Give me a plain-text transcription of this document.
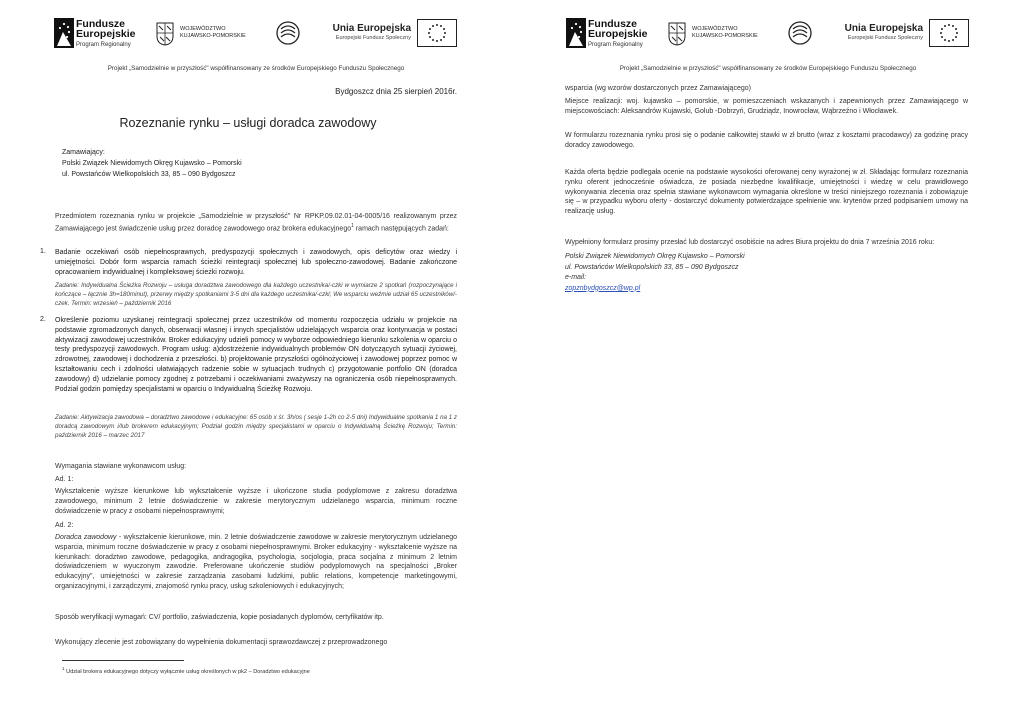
Fundusze
Europejskie
Program Regionalny
WOJEWÓDZTWO
KUJAWSKO-POMORSKIE
Unia Europejska
Europejski Fundusz Społeczny
Projekt „Samodzielnie w przyszłość" współfinansowany ze środków Europejskiego Funduszu Społecznego
Bydgoszcz dnia 25 sierpień 2016r.
Rozeznanie rynku – usługi doradca zawodowy
Zamawiający:
Polski Związek Niewidomych Okręg Kujawsko – Pomorski
ul. Powstańców Wielkopolskich 33, 85 – 090 Bydgoszcz
Przedmiotem rozeznania rynku w projekcie „Samodzielnie w przyszłość" Nr RPKP.09.02.01-04-0005/16 realizowanym przez Zamawiającego jest świadczenie usług przez doradcę zawodowego oraz brokera edukacyjnego$^1$ ramach następujących zadań:
1. Badanie oczekiwań osób niepełnosprawnych, predyspozycji społecznych i zawodowych, opis deficytów oraz wiedzy i umiejętności. Dobór form wsparcia ramach ścieżki reintegracji społecznej lub społeczno-zawodowej. Badanie zakończone opracowaniem indywidualnej i kompleksowej ścieżki rozwoju.
Zadanie: Indywidualna Ścieżka Rozwoju – usługa doradztwa zawodowego dla każdego uczestnika/-czki w wymiarze 2 spotkań (rozpoczynające i kończące – łącznie 3h=180minut), przerwy między spotkaniami 3-5 dni dla każdego uczestnika/-czki; We wsparciu weźmie udział 65 uczestników/-czek. Termin: wrzesień – październik 2016
2. Określenie poziomu uzyskanej reintegracji społecznej przez uczestników od momentu rozpoczęcia udziału w projekcie na podstawie zgromadzonych danych, obserwacji własnej i innych specjalistów udzielających wsparcia oraz kontynuacja w postaci aktywizacji zawodowej uczestników. Broker edukacyjny udzieli pomocy w wyborze odpowiedniego kierunku szkolenia w oparciu o testy predyspozycji zawodowych. Program usług: a)dostrzeżenie indywidualnych problemów ON dotyczących sytuacji życiowej, zdrowotnej, zawodowej i dochodzenia z przeszłości. b) projektowanie przyszłości ogólnożyciowej i zawodowej poprzez pomoc w kształtowaniu cech i zdolności ułatwiających radzenie sobie w sytuacjach trudnych c) przygotowanie portfolio ON (doradca zawodowy) d) udzielanie pomocy zgodnej z potrzebami i oczekiwaniami zważywszy na ograniczenia osób niepełnosprawnych. Podział godzin pomiędzy specjalistami w oparciu o Indywidualną Ścieżkę Rozwoju.
Zadanie: Aktywizacja zawodowa – doradztwo zawodowe i edukacyjne: 65 osób x śr. 3h/os ( sesje 1-2h co 2-5 dni) Indywidualne spotkania 1 na 1 z doradcą zawodowym i/lub brokerem edukacyjnym; Podział godzin między specjalistami w oparciu o Indywidualną Ścieżkę Rozwoju; Termin: październik 2016 – marzec 2017
Wymagania stawiane wykonawcom usług:
Ad. 1:
Wykształcenie wyższe kierunkowe lub wykształcenie wyższe i ukończone studia podyplomowe z zakresu doradztwa zawodowego, minimum 2 letnie doświadczenie w zakresie merytorycznym udzielanego wsparcia, minimum roczne doświadczenie w pracy z osobami niepełnosprawnymi;
Ad. 2:
Doradca zawodowy - wykształcenie kierunkowe, min. 2 letnie doświadczenie zawodowe w zakresie merytorycznym udzielanego wsparcia, minimum roczne doświadczenie w pracy z osobami niepełnosprawnymi. Broker edukacyjny - wykształcenie wyższe na kierunkach: doradztwo zawodowe, pedagogika, andragogika, psychologia, socjologia, praca socjalna z minimum 2 letnim doświadczeniem w wyuczonym zawodzie. Preferowane ukończenie studiów podyplomowych na specjalności „Broker edukacyjny", umiejętności w zakresie zarządzania zasobami ludzkimi, public relations, kompetencje marketingowymi, organizacyjnymi, i zarządczymi, znajomość rynku pracy, usług szkoleniowych i edukacyjnych;
Sposób weryfikacji wymagań: CV/ portfolio, zaświadczenia, kopie posiadanych dyplomów, certyfikatów itp.
Wykonujący zlecenie jest zobowiązany do wypełnienia dokumentacji sprawozdawczej z przeprowadzonego
$^1$ Udział brokera edukacyjnego dotyczy wyłącznie usług określonych w pk2 – Doradztwo edukacyjne
Fundusze
Europejskie
Program Regionalny
WOJEWÓDZTWO
KUJAWSKO-POMORSKIE
Unia Europejska
Europejski Fundusz Społeczny
Projekt „Samodzielnie w przyszłość" współfinansowany ze środków Europejskiego Funduszu Społecznego
wsparcia (wg wzorów dostarczonych przez Zamawiającego)
Miejsce realizacji: woj. kujawsko – pomorskie, w pomieszczeniach wskazanych i zapewnionych przez Zamawiającego w miejscowościach: Aleksandrów Kujawski, Golub -Dobrzyń, Grudziądz, Inowrocław, Wąbrzeźno i Włocławek.
W formularzu rozeznania rynku prosi się o podanie całkowitej stawki w zł brutto (wraz z kosztami pracodawcy) za godzinę pracy doradcy zawodowego.
Każda oferta będzie podlegała ocenie na podstawie wysokości oferowanej ceny wyrażonej w zł. Składając formularz rozeznania rynku oferent jednocześnie oświadcza, że posiada niezbędne kwalifikacje, umiejętności i wiedzę w celu prawidłowego wykonywania zlecenia oraz spełnia stawiane wykonawcom wymagania określone w treści niniejszego rozeznania i zobowiązuje się – w przypadku wyboru oferty - dostarczyć dokumenty potwierdzające spełnienie ww. kryteriów przed podpisaniem umowy na realizację usług.
Wypełniony formularz prosimy przesłać lub dostarczyć osobiście na adres Biura projektu do dnia 7 września 2016 roku:
Polski Związek Niewidomych Okręg Kujawsko – Pomorski
ul. Powstańców Wielkopolskich 33, 85 – 090 Bydgoszcz
e-mail:
zopznbydgoszcz@wp.pl
